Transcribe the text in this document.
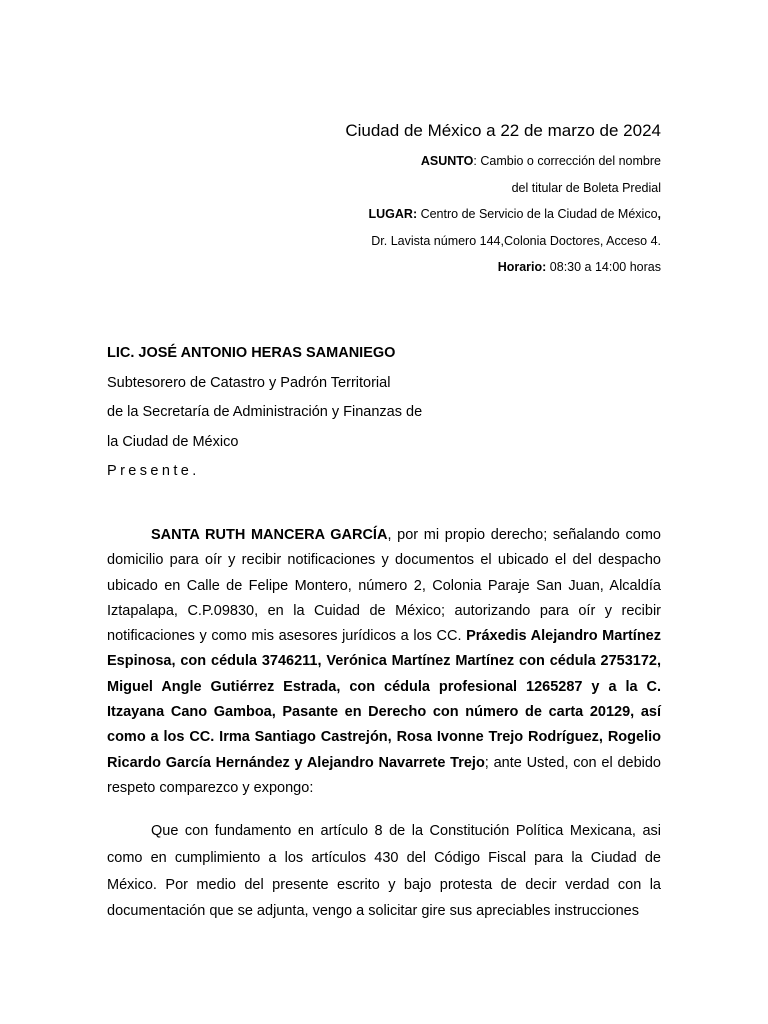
Ciudad de México a 22 de marzo de 2024
ASUNTO: Cambio o corrección del nombre
del titular de Boleta Predial
LUGAR: Centro de Servicio de la Ciudad de México,
Dr. Lavista número 144,Colonia Doctores, Acceso 4.
Horario: 08:30 a 14:00 horas
LIC. JOSÉ ANTONIO HERAS SAMANIEGO
Subtesorero de Catastro y Padrón Territorial
de la Secretaría de Administración y Finanzas de
la Ciudad de México
Presente.
SANTA RUTH MANCERA GARCÍA, por mi propio derecho; señalando como domicilio para oír y recibir notificaciones y documentos el ubicado el del despacho ubicado en Calle de Felipe Montero, número 2, Colonia Paraje San Juan, Alcaldía Iztapalapa, C.P.09830, en la Cuidad de México; autorizando para oír y recibir notificaciones y como mis asesores jurídicos a los CC. Práxedis Alejandro Martínez Espinosa, con cédula 3746211, Verónica Martínez Martínez con cédula 2753172, Miguel Angle Gutiérrez Estrada, con cédula profesional 1265287 y a la C. Itzayana Cano Gamboa, Pasante en Derecho con número de carta 20129, así como a los CC. Irma Santiago Castrejón, Rosa Ivonne Trejo Rodríguez, Rogelio Ricardo García Hernández y Alejandro Navarrete Trejo; ante Usted, con el debido respeto comparezco y expongo:
Que con fundamento en artículo 8 de la Constitución Política Mexicana, asi como en cumplimiento a los artículos 430 del Código Fiscal para la Ciudad de México. Por medio del presente escrito y bajo protesta de decir verdad con la documentación que se adjunta, vengo a solicitar gire sus apreciables instrucciones
